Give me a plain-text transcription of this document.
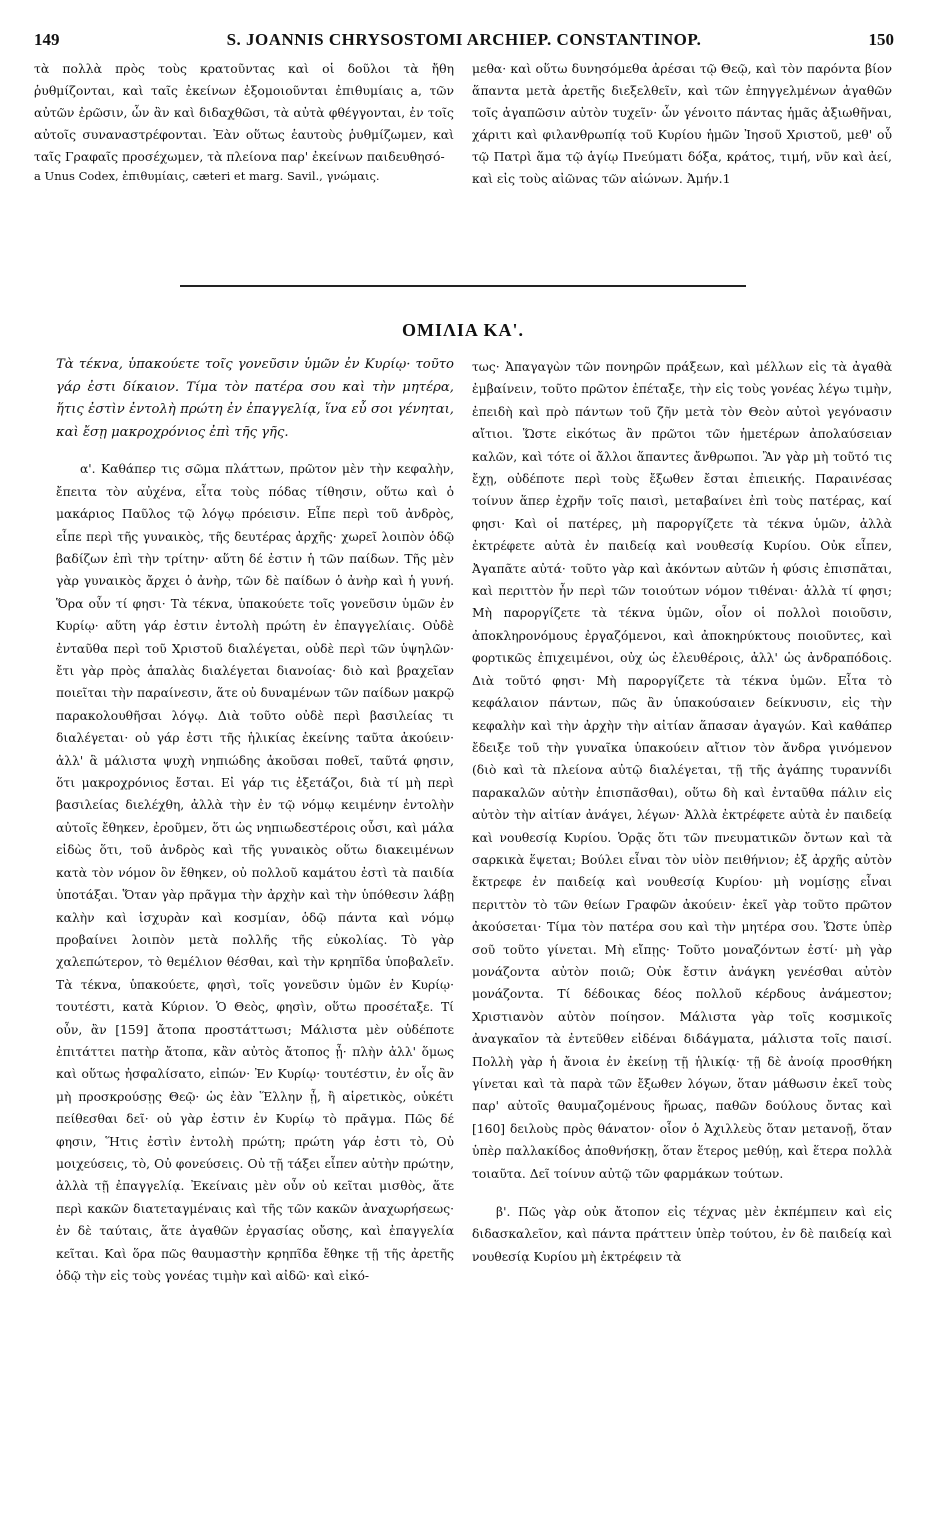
149	S. JOANNIS CHRYSOSTOMI ARCHIEP. CONSTANTINOP.	150

τὰ πολλὰ πρὸς τοὺς κρατοῦντας καὶ οἱ δοῦλοι τὰ ἤθη ῥυθμίζονται, καὶ ταῖς ἐκείνων ἐξομοιοῦνται ἐπιθυμίαις a, τῶν αὐτῶν ἐρῶσιν, ὧν ἂν καὶ διδαχθῶσι, τὰ αὐτὰ φθέγγονται, ἐν τοῖς αὐτοῖς συναναστρέφονται. Ἐὰν οὕτως ἑαυτοὺς ῥυθμίζωμεν, καὶ ταῖς Γραφαῖς προσέχωμεν, τὰ πλείονα παρ' ἐκείνων παιδευθησό-

a Unus Codex, ἐπιθυμίαις, cæteri et marg. Savil., γνώμαις.

μεθα· καὶ οὕτω δυνησόμεθα ἀρέσαι τῷ Θεῷ, καὶ τὸν παρόντα βίον ἅπαντα μετὰ ἀρετῆς διεξελθεῖν, καὶ τῶν ἐπηγγελμένων ἀγαθῶν τοῖς ἀγαπῶσιν αὐτὸν τυχεῖν· ὧν γένοιτο πάντας ἡμᾶς ἀξιωθῆναι, χάριτι καὶ φιλανθρωπίᾳ τοῦ Κυρίου ἡμῶν Ἰησοῦ Χριστοῦ, μεθ' οὗ τῷ Πατρὶ ἅμα τῷ ἁγίῳ Πνεύματι δόξα, κράτος, τιμή, νῦν καὶ ἀεί, καὶ εἰς τοὺς αἰῶνας τῶν αἰώνων. Ἀμήν.1

ΟΜΙΛΙΑ ΚΑ'.

Τὰ τέκνα, ὑπακούετε τοῖς γονεῦσιν ὑμῶν ἐν Κυρίῳ· τοῦτο γάρ ἐστι δίκαιον. Τίμα τὸν πατέρα σου καὶ τὴν μητέρα, ἥτις ἐστὶν ἐντολὴ πρώτη ἐν ἐπαγγελίᾳ, ἵνα εὖ σοι γένηται, καὶ ἔσῃ μακροχρόνιος ἐπὶ τῆς γῆς.

α'. Καθάπερ τις σῶμα πλάττων, πρῶτον μὲν τὴν κεφαλὴν, ἔπειτα τὸν αὐχένα, εἶτα τοὺς πόδας τίθησιν, οὕτω καὶ ὁ μακάριος Παῦλος τῷ λόγῳ πρόεισιν. Εἶπε περὶ τοῦ ἀνδρὸς, εἶπε περὶ τῆς γυναικὸς, τῆς δευτέρας ἀρχῆς· χωρεῖ λοιπὸν ὁδῷ βαδίζων ἐπὶ τὴν τρίτην· αὕτη δέ ἐστιν ἡ τῶν παίδων. Τῆς μὲν γὰρ γυναικὸς ἄρχει ὁ ἀνὴρ, τῶν δὲ παίδων ὁ ἀνὴρ καὶ ἡ γυνή. Ὅρα οὖν τί φησι· Τὰ τέκνα, ὑπακούετε τοῖς γονεῦσιν ὑμῶν ἐν Κυρίῳ· αὕτη γάρ ἐστιν ἐντολὴ πρώτη ἐν ἐπαγγελίαις. Οὐδὲ ἐνταῦθα περὶ τοῦ Χριστοῦ διαλέγεται, οὐδὲ περὶ τῶν ὑψηλῶν· ἔτι γὰρ πρὸς ἁπαλὰς διαλέγεται διανοίας· διὸ καὶ βραχεῖαν ποιεῖται τὴν παραίνεσιν, ἅτε οὐ δυναμένων τῶν παίδων μακρῷ παρακολουθῆσαι λόγῳ. Διὰ τοῦτο οὐδὲ περὶ βασιλείας τι διαλέγεται· οὐ γάρ ἐστι τῆς ἡλικίας ἐκείνης ταῦτα ἀκούειν· ἀλλ' ἃ μάλιστα ψυχὴ νηπιώδης ἀκοῦσαι ποθεῖ, ταῦτά φησιν, ὅτι μακροχρόνιος ἔσται. Εἰ γάρ τις ἐξετάζοι, διὰ τί μὴ περὶ βασιλείας διελέχθη, ἀλλὰ τὴν ἐν τῷ νόμῳ κειμένην ἐντολὴν αὐτοῖς ἔθηκεν, ἐροῦμεν, ὅτι ὡς νηπιωδεστέροις οὖσι, καὶ μάλα εἰδὼς ὅτι, τοῦ ἀνδρὸς καὶ τῆς γυναικὸς οὕτω διακειμένων κατὰ τὸν νόμον ὃν ἔθηκεν, οὐ πολλοῦ καμάτου ἐστὶ τὰ παιδία ὑποτάξαι. Ὅταν γὰρ πρᾶγμα τὴν ἀρχὴν καὶ τὴν ὑπόθεσιν λάβῃ καλὴν καὶ ἰσχυρὰν καὶ κοσμίαν, ὁδῷ πάντα καὶ νόμῳ προβαίνει λοιπὸν μετὰ πολλῆς τῆς εὐκολίας. Τὸ γὰρ χαλεπώτερον, τὸ θεμέλιον θέσθαι, καὶ τὴν κρηπῖδα ὑποβαλεῖν. Τὰ τέκνα, ὑπακούετε, φησὶ, τοῖς γονεῦσιν ὑμῶν ἐν Κυρίῳ· τουτέστι, κατὰ Κύριον. Ὁ Θεὸς, φησὶν, οὕτω προσέταξε. Τί οὖν, ἂν [159] ἄτοπα προστάττωσι; Μάλιστα μὲν οὐδέποτε ἐπιτάττει πατὴρ ἄτοπα, κἂν αὐτὸς ἄτοπος ᾖ· πλὴν ἀλλ' ὅμως καὶ οὕτως ἠσφαλίσατο, εἰπών· Ἐν Κυρίῳ· τουτέστιν, ἐν οἷς ἂν μὴ προσκρούσῃς Θεῷ· ὡς ἐὰν Ἕλλην ᾖ, ἢ αἱρετικὸς, οὐκέτι πείθεσθαι δεῖ· οὐ γὰρ ἐστιν ἐν Κυρίῳ τὸ πρᾶγμα. Πῶς δέ φησιν, Ἥτις ἐστὶν ἐντολὴ πρώτη; πρώτη γάρ ἐστι τὸ, Οὐ μοιχεύσεις, τὸ, Οὐ φονεύσεις. Οὐ τῇ τάξει εἶπεν αὐτὴν πρώτην, ἀλλὰ τῇ ἐπαγγελίᾳ. Ἐκείναις μὲν οὖν οὐ κεῖται μισθὸς, ἅτε περὶ κακῶν διατεταγμέναις καὶ τῆς τῶν κακῶν ἀναχωρήσεως· ἐν δὲ ταύταις, ἅτε ἀγαθῶν ἐργασίας οὔσης, καὶ ἐπαγγελία κεῖται. Καὶ ὅρα πῶς θαυμαστὴν κρηπῖδα ἔθηκε τῇ τῆς ἀρετῆς ὁδῷ τὴν εἰς τοὺς γονέας τιμὴν καὶ αἰδῶ· καὶ εἰκό-

τως· Ἀπαγαγὼν τῶν πονηρῶν πράξεων, καὶ μέλλων εἰς τὰ ἀγαθὰ ἐμβαίνειν, τοῦτο πρῶτον ἐπέταξε, τὴν εἰς τοὺς γονέας λέγω τιμὴν, ἐπειδὴ καὶ πρὸ πάντων τοῦ ζῆν μετὰ τὸν Θεὸν αὐτοὶ γεγόνασιν αἴτιοι. Ὥστε εἰκότως ἂν πρῶτοι τῶν ἡμετέρων ἀπολαύσειαν καλῶν, καὶ τότε οἱ ἄλλοι ἅπαντες ἄνθρωποι. Ἂν γὰρ μὴ τοῦτό τις ἔχῃ, οὐδέποτε περὶ τοὺς ἔξωθεν ἔσται ἐπιεικής. Παραινέσας τοίνυν ἅπερ ἐχρῆν τοῖς παισὶ, μεταβαίνει ἐπὶ τοὺς πατέρας, καί φησι· Καὶ οἱ πατέρες, μὴ παροργίζετε τὰ τέκνα ὑμῶν, ἀλλὰ ἐκτρέφετε αὐτὰ ἐν παιδείᾳ καὶ νουθεσίᾳ Κυρίου. Οὐκ εἶπεν, Ἀγαπᾶτε αὐτά· τοῦτο γὰρ καὶ ἀκόντων αὐτῶν ἡ φύσις ἐπισπᾶται, καὶ περιττὸν ἦν περὶ τῶν τοιούτων νόμον τιθέναι· ἀλλὰ τί φησι; Μὴ παροργίζετε τὰ τέκνα ὑμῶν, οἷον οἱ πολλοὶ ποιοῦσιν, ἀποκληρονόμους ἐργαζόμενοι, καὶ ἀποκηρύκτους ποιοῦντες, καὶ φορτικῶς ἐπιχειμένοι, οὐχ ὡς ἐλευθέροις, ἀλλ' ὡς ἀνδραπόδοις. Διὰ τοῦτό φησι· Μὴ παροργίζετε τὰ τέκνα ὑμῶν. Εἶτα τὸ κεφάλαιον πάντων, πῶς ἂν ὑπακούσαιεν δείκνυσιν, εἰς τὴν κεφαλὴν καὶ τὴν ἀρχὴν τὴν αἰτίαν ἅπασαν ἀγαγών. Καὶ καθάπερ ἔδειξε τοῦ τὴν γυναῖκα ὑπακούειν αἴτιον τὸν ἄνδρα γινόμενον (διὸ καὶ τὰ πλείονα αὐτῷ διαλέγεται, τῇ τῆς ἀγάπης τυραννίδι παρακαλῶν αὐτὴν ἐπισπᾶσθαι), οὕτω δὴ καὶ ἐνταῦθα πάλιν εἰς αὐτὸν τὴν αἰτίαν ἀνάγει, λέγων· Ἀλλὰ ἐκτρέφετε αὐτὰ ἐν παιδείᾳ καὶ νουθεσίᾳ Κυρίου. Ὁρᾷς ὅτι τῶν πνευματικῶν ὄντων καὶ τὰ σαρκικὰ ἕψεται; Βούλει εἶναι τὸν υἱὸν πειθήνιον; ἐξ ἀρχῆς αὐτὸν ἔκτρεφε ἐν παιδείᾳ καὶ νουθεσίᾳ Κυρίου· μὴ νομίσῃς εἶναι περιττὸν τὸ τῶν θείων Γραφῶν ἀκούειν· ἐκεῖ γὰρ τοῦτο πρῶτον ἀκούσεται· Τίμα τὸν πατέρα σου καὶ τὴν μητέρα σου. Ὥστε ὑπὲρ σοῦ τοῦτο γίνεται. Μὴ εἴπῃς· Τοῦτο μοναζόντων ἐστί· μὴ γὰρ μονάζοντα αὐτὸν ποιῶ; Οὐκ ἔστιν ἀνάγκη γενέσθαι αὐτὸν μονάζοντα. Τί δέδοικας δέος πολλοῦ κέρδους ἀνάμεστον; Χριστιανὸν αὐτὸν ποίησον. Μάλιστα γὰρ τοῖς κοσμικοῖς ἀναγκαῖον τὰ ἐντεῦθεν εἰδέναι διδάγματα, μάλιστα τοῖς παισί. Πολλὴ γὰρ ἡ ἄνοια ἐν ἐκείνῃ τῇ ἡλικίᾳ· τῇ δὲ ἀνοίᾳ προσθήκη γίνεται καὶ τὰ παρὰ τῶν ἔξωθεν λόγων, ὅταν μάθωσιν ἐκεῖ τοὺς παρ' αὐτοῖς θαυμαζομένους ἥρωας, παθῶν δούλους ὄντας καὶ [160] δειλοὺς πρὸς θάνατον· οἷον ὁ Ἀχιλλεὺς ὅταν μετανοῇ, ὅταν ὑπὲρ παλλακίδος ἀποθνήσκῃ, ὅταν ἕτερος μεθύῃ, καὶ ἕτερα πολλὰ τοιαῦτα. Δεῖ τοίνυν αὐτῷ τῶν φαρμάκων τούτων.

β'. Πῶς γὰρ οὐκ ἄτοπον εἰς τέχνας μὲν ἐκπέμπειν καὶ εἰς διδασκαλεῖον, καὶ πάντα πράττειν ὑπὲρ τούτου, ἐν δὲ παιδείᾳ καὶ νουθεσίᾳ Κυρίου μὴ ἐκτρέφειν τὰ
